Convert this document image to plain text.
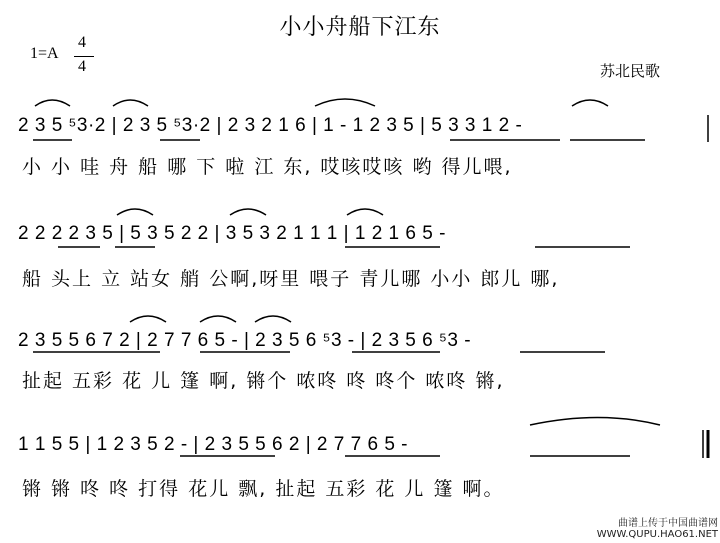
小小舟船下江东
1=A
4
4	苏北民歌
2 3 5 ⁵3·2 | 2 3 5 ⁵3·2 | 2 3 2 1 6 | 1 - 1 2 3 5 | 5 3 3 1 2 -
小 小 哇 舟 船 哪 下 啦 江 东, 哎咳哎咳 哟 得儿喂,
2 2 2 2 3 5 | 5 3 5 2 2 | 3 5 3 2 1 1 1 | 1 2 1 6 5 -
船 头上 立 站女 艄 公啊,呀里 喂子 青儿哪 小小 郎儿 哪,
2 3 5 5 6 7 2 | 2 7 7 6 5 - | 2 3 5 6 ⁵3 - | 2 3 5 6 ⁵3 -
扯起 五彩 花 儿 篷 啊, 锵个 哝咚 咚 咚个 哝咚 锵,
1 1 5 5 | 1 2 3 5 2 - | 2 3 5 5 6 2 | 2 7 7 6 5 -
锵 锵 咚 咚 打得 花儿 飘, 扯起 五彩 花 儿 篷 啊。
曲谱上传于中国曲谱网
WWW.QUPU.HAO61.NET
